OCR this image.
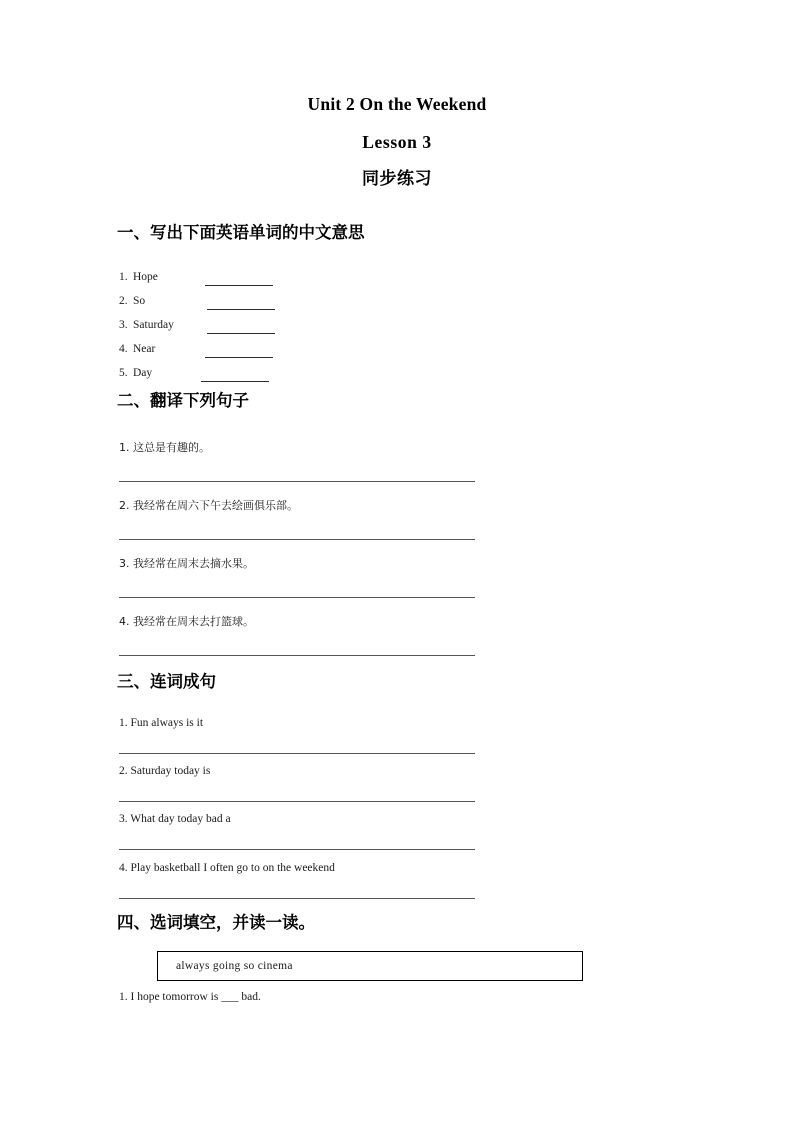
Unit 2 On the Weekend
Lesson 3
同步练习
一、写出下面英语单词的中文意思
1. Hope
2. So
3. Saturday
4. Near
5. Day
二、翻译下列句子
1. 这总是有趣的。
2. 我经常在周六下午去绘画俱乐部。
3. 我经常在周末去摘水果。
4. 我经常在周末去打篮球。
三、连词成句
1. Fun always is it
2. Saturday today is
3. What day today bad a
4. Play basketball I often go to on the weekend
四、选词填空，并读一读。
always going so cinema
1. I hope tomorrow is ___ bad.
